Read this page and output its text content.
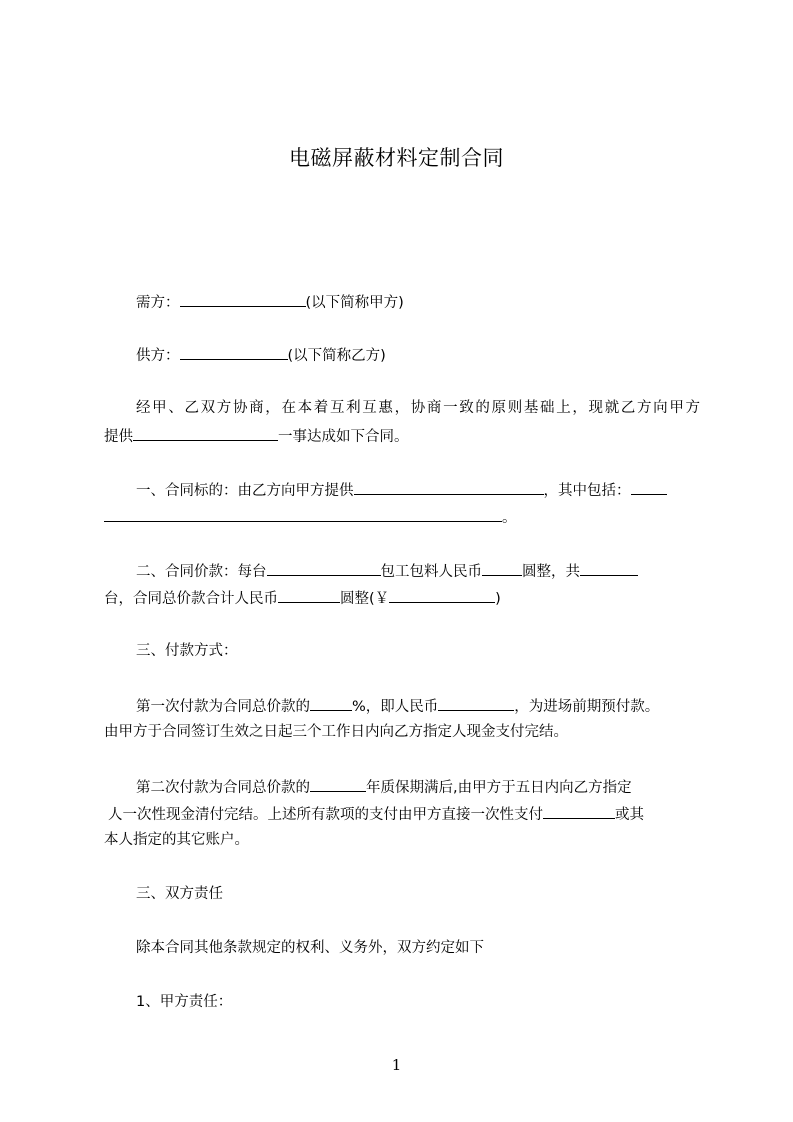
电磁屏蔽材料定制合同
需方：	(以下简称甲方)
供方：	(以下简称乙方)
经甲、乙双方协商，在本着互利互惠，协商一致的原则基础上，现就乙方向甲方
提供	一事达成如下合同。
一、合同标的：由乙方向甲方提供	，其中包括：
。
二、合同价款：每台	包工包料人民币	圆整，共
台，合同总价款合计人民币	圆整(￥	)
三、付款方式：
第一次付款为合同总价款的	%，即人民币	，为进场前期预付款。
由甲方于合同签订生效之日起三个工作日内向乙方指定人现金支付完结。
第二次付款为合同总价款的	年质保期满后,由甲方于五日内向乙方指定
人一次性现金清付完结。上述所有款项的支付由甲方直接一次性支付	或其
本人指定的其它账户。
三、双方责任
除本合同其他条款规定的权利、义务外，双方约定如下
1、甲方责任：
1
